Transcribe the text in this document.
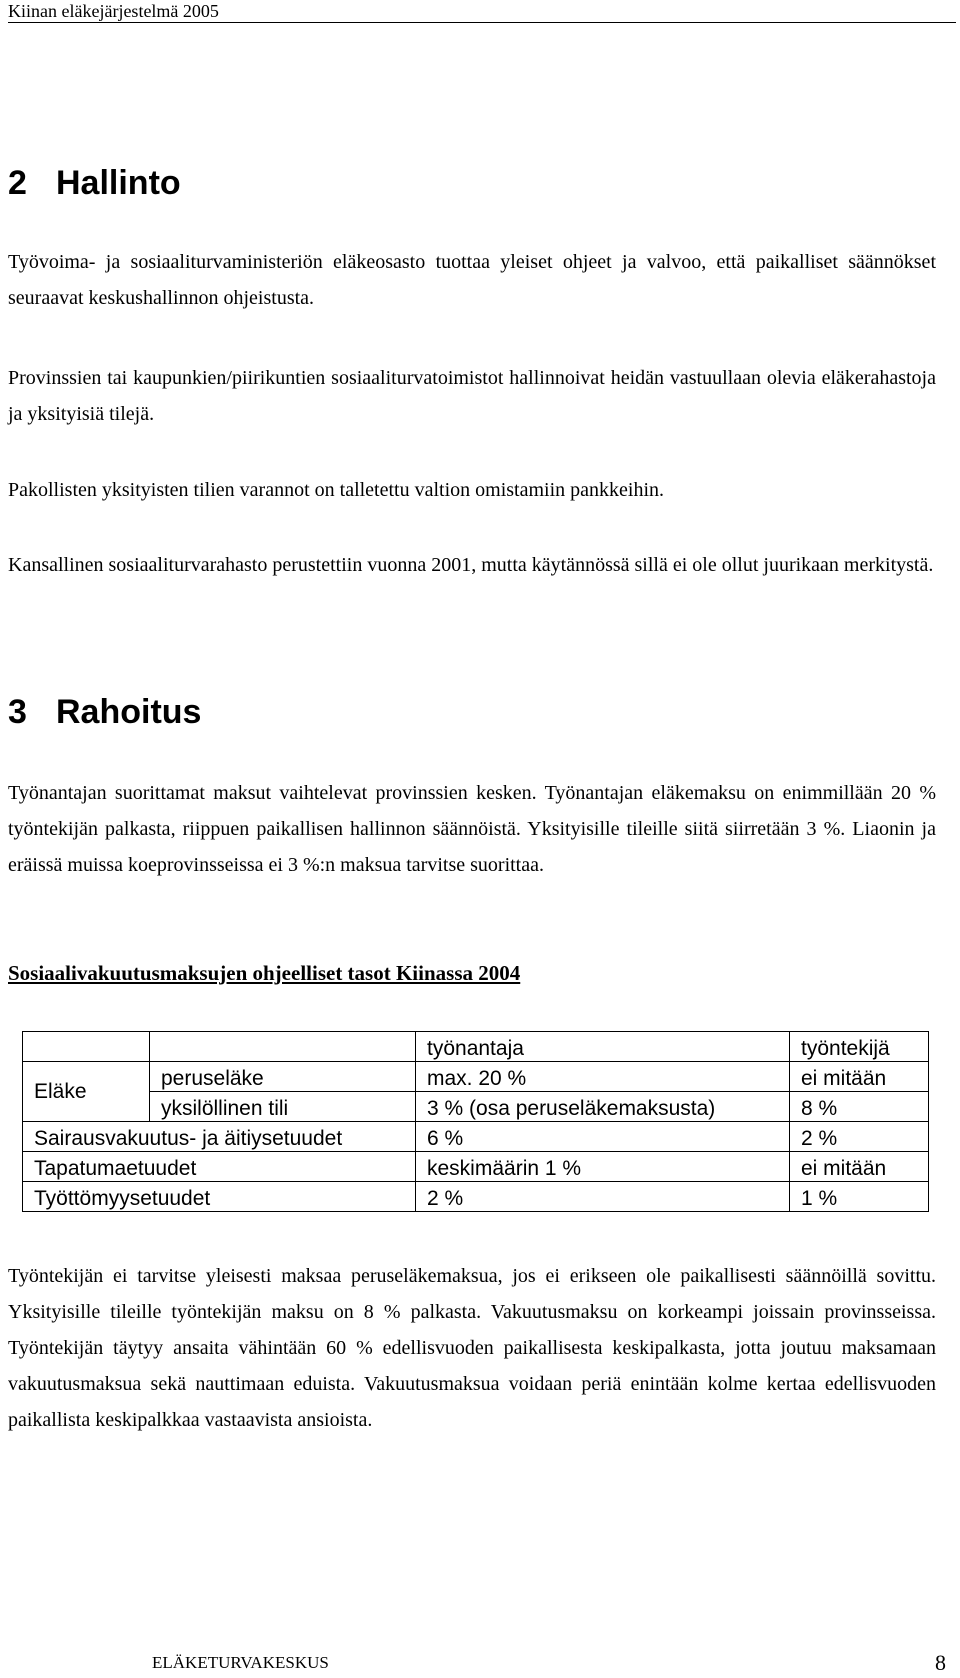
Kiinan eläkejärjestelmä 2005
2 Hallinto

Työvoima- ja sosiaaliturvaministeriön eläkeosasto tuottaa yleiset ohjeet ja valvoo, että paikalliset säännökset seuraavat keskushallinnon ohjeistusta.

Provinssien tai kaupunkien/piirikuntien sosiaaliturvatoimistot hallinnoivat heidän vastuullaan olevia eläkerahastoja ja yksityisiä tilejä.

Pakollisten yksityisten tilien varannot on talletettu valtion omistamiin pankkeihin.

Kansallinen sosiaaliturvarahasto perustettiin vuonna 2001, mutta käytännössä sillä ei ole ollut juurikaan merkitystä.

3 Rahoitus

Työnantajan suorittamat maksut vaihtelevat provinssien kesken. Työnantajan eläkemaksu on enimmillään 20 % työntekijän palkasta, riippuen paikallisen hallinnon säännöistä. Yksityisille tileille siitä siirretään 3 %. Liaonin ja eräissä muissa koeprovinsseissa ei 3 %:n maksua tarvitse suorittaa.

Sosiaalivakuutusmaksujen ohjeelliset tasot Kiinassa 2004
		työnantaja	työntekijä
Eläke	peruseläke	max. 20 %	ei mitään
	yksilöllinen tili	3 % (osa peruseläkemaksusta)	8 %
Sairausvakuutus- ja äitiysetuudet		6 %	2 %
Tapatumaetuudet		keskimäärin 1 %	ei mitään
Työttömyysetuudet		2 %	1 %

Työntekijän ei tarvitse yleisesti maksaa peruseläkemaksua, jos ei erikseen ole paikallisesti säännöillä sovittu. Yksityisille tileille työntekijän maksu on 8 % palkasta. Vakuutusmaksu on korkeampi joissain provinsseissa. Työntekijän täytyy ansaita vähintään 60 % edellisvuoden paikallisesta keskipalkasta, jotta joutuu maksamaan vakuutusmaksua sekä nauttimaan eduista. Vakuutusmaksua voidaan periä enintään kolme kertaa edellisvuoden paikallista keskipalkkaa vastaavista ansioista.

ELÄKETURVAKESKUS	8
